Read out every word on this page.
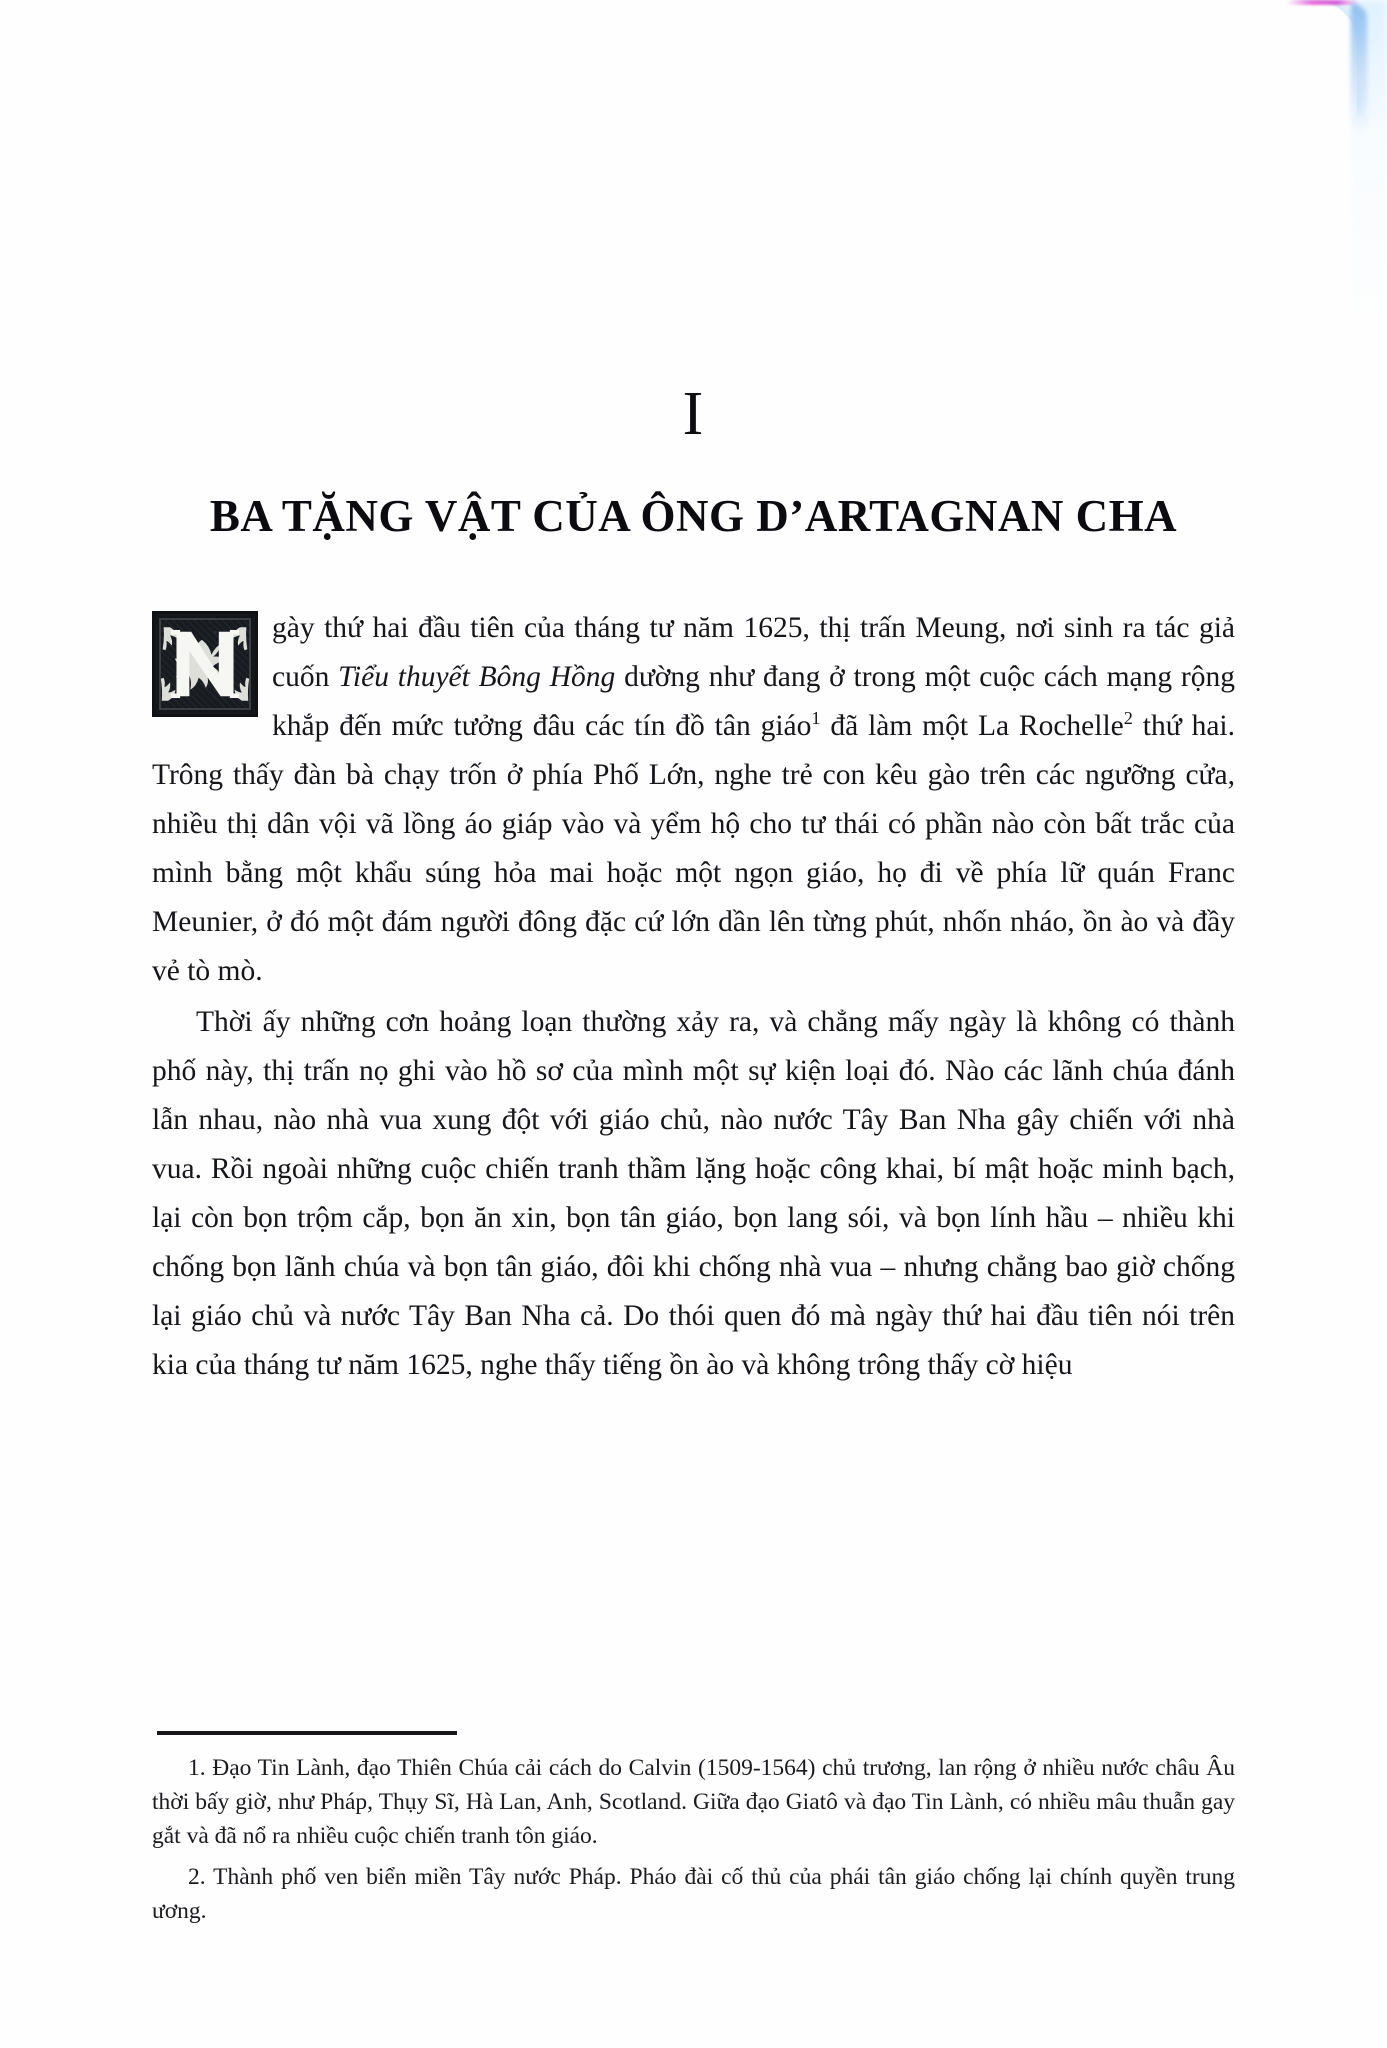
I
BA TẶNG VẬT CỦA ÔNG D’ARTAGNAN CHA

gày thứ hai đầu tiên của tháng tư năm 1625, thị trấn Meung, nơi sinh ra tác giả cuốn Tiểu thuyết Bông Hồng dường như đang ở trong một cuộc cách mạng rộng khắp đến mức tưởng đâu các tín đồ tân giáo$^1$ đã làm một La Rochelle$^2$ thứ hai. Trông thấy đàn bà chạy trốn ở phía Phố Lớn, nghe trẻ con kêu gào trên các ngưỡng cửa, nhiều thị dân vội vã lồng áo giáp vào và yểm hộ cho tư thái có phần nào còn bất trắc của mình bằng một khẩu súng hỏa mai hoặc một ngọn giáo, họ đi về phía lữ quán Franc Meunier, ở đó một đám người đông đặc cứ lớn dần lên từng phút, nhốn nháo, ồn ào và đầy vẻ tò mò.

Thời ấy những cơn hoảng loạn thường xảy ra, và chẳng mấy ngày là không có thành phố này, thị trấn nọ ghi vào hồ sơ của mình một sự kiện loại đó. Nào các lãnh chúa đánh lẫn nhau, nào nhà vua xung đột với giáo chủ, nào nước Tây Ban Nha gây chiến với nhà vua. Rồi ngoài những cuộc chiến tranh thầm lặng hoặc công khai, bí mật hoặc minh bạch, lại còn bọn trộm cắp, bọn ăn xin, bọn tân giáo, bọn lang sói, và bọn lính hầu – nhiều khi chống bọn lãnh chúa và bọn tân giáo, đôi khi chống nhà vua – nhưng chẳng bao giờ chống lại giáo chủ và nước Tây Ban Nha cả. Do thói quen đó mà ngày thứ hai đầu tiên nói trên kia của tháng tư năm 1625, nghe thấy tiếng ồn ào và không trông thấy cờ hiệu

1. Đạo Tin Lành, đạo Thiên Chúa cải cách do Calvin (1509-1564) chủ trương, lan rộng ở nhiều nước châu Âu thời bấy giờ, như Pháp, Thụy Sĩ, Hà Lan, Anh, Scotland. Giữa đạo Giatô và đạo Tin Lành, có nhiều mâu thuẫn gay gắt và đã nổ ra nhiều cuộc chiến tranh tôn giáo.

2. Thành phố ven biển miền Tây nước Pháp. Pháo đài cố thủ của phái tân giáo chống lại chính quyền trung ương.
